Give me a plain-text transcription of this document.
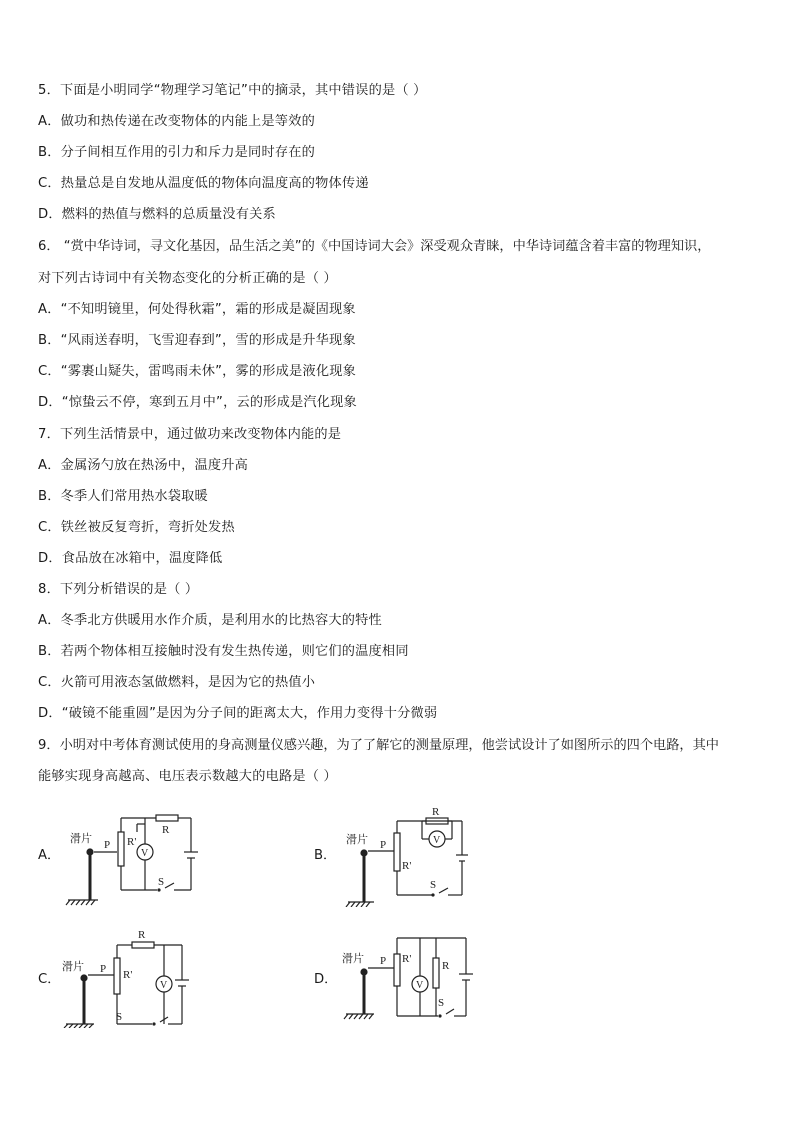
5．下面是小明同学“物理学习笔记”中的摘录，其中错误的是（ ）
A．做功和热传递在改变物体的内能上是等效的
B．分子间相互作用的引力和斥力是同时存在的
C．热量总是自发地从温度低的物体向温度高的物体传递
D．燃料的热值与燃料的总质量没有关系
6． “赏中华诗词，寻文化基因，品生活之美”的《中国诗词大会》深受观众青睐，中华诗词蕴含着丰富的物理知识，
对下列古诗词中有关物态变化的分析正确的是（ ）
A．“不知明镜里，何处得秋霜”，霜的形成是凝固现象
B．“风雨送春明，飞雪迎春到”，雪的形成是升华现象
C．“雾裹山疑失，雷鸣雨未休”，雾的形成是液化现象
D．“惊蛰云不停，寒到五月中”，云的形成是汽化现象
7．下列生活情景中，通过做功来改变物体内能的是
A．金属汤勺放在热汤中，温度升高
B．冬季人们常用热水袋取暖
C．铁丝被反复弯折，弯折处发热
D．食品放在冰箱中，温度降低
8．下列分析错误的是（ ）
A．冬季北方供暖用水作介质，是利用水的比热容大的特性
B．若两个物体相互接触时没有发生热传递，则它们的温度相同
C．火箭可用液态氢做燃料，是因为它的热值小
D．“破镜不能重圆”是因为分子间的距离太大，作用力变得十分微弱
9．小明对中考体育测试使用的身高测量仪感兴趣，为了了解它的测量原理，他尝试设计了如图所示的四个电路，其中
能够实现身高越高、电压表示数越大的电路是（ ）
A．	B．
C．	D．
滑片 P R'
R
V
S
滑片 P
R'
R
V
S
滑片 P R'
R
V
S
滑片 P R'
R
V
S
